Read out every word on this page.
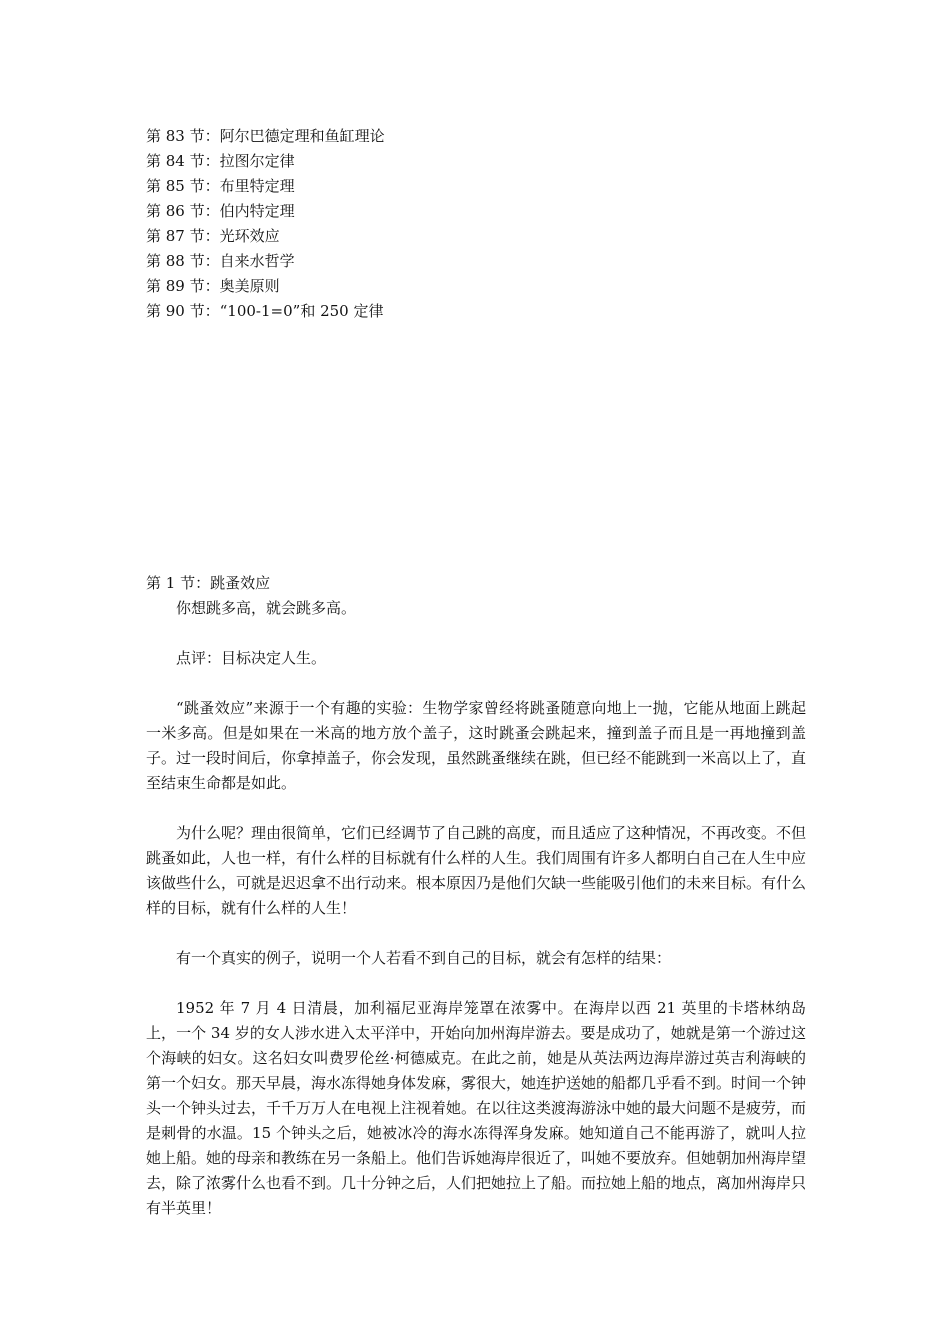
第 83 节：阿尔巴德定理和鱼缸理论
第 84 节：拉图尔定律
第 85 节：布里特定理
第 86 节：伯内特定理
第 87 节：光环效应
第 88 节：自来水哲学
第 89 节：奥美原则
第 90 节：“100-1=0”和 250 定律
第 1 节：跳蚤效应

你想跳多高，就会跳多高。

点评：目标决定人生。

“跳蚤效应”来源于一个有趣的实验：生物学家曾经将跳蚤随意向地上一抛，它能从地面上跳起一米多高。但是如果在一米高的地方放个盖子，这时跳蚤会跳起来，撞到盖子而且是一再地撞到盖子。过一段时间后，你拿掉盖子，你会发现，虽然跳蚤继续在跳，但已经不能跳到一米高以上了，直至结束生命都是如此。

为什么呢？理由很简单，它们已经调节了自己跳的高度，而且适应了这种情况，不再改变。不但跳蚤如此，人也一样，有什么样的目标就有什么样的人生。我们周围有许多人都明白自己在人生中应该做些什么，可就是迟迟拿不出行动来。根本原因乃是他们欠缺一些能吸引他们的未来目标。有什么样的目标，就有什么样的人生！

有一个真实的例子，说明一个人若看不到自己的目标，就会有怎样的结果：

1952 年 7 月 4 日清晨，加利福尼亚海岸笼罩在浓雾中。在海岸以西 21 英里的卡塔林纳岛上，一个 34 岁的女人涉水进入太平洋中，开始向加州海岸游去。要是成功了，她就是第一个游过这个海峡的妇女。这名妇女叫费罗伦丝·柯德威克。在此之前，她是从英法两边海岸游过英吉利海峡的第一个妇女。那天早晨，海水冻得她身体发麻，雾很大，她连护送她的船都几乎看不到。时间一个钟头一个钟头过去，千千万万人在电视上注视着她。在以往这类渡海游泳中她的最大问题不是疲劳，而是刺骨的水温。15 个钟头之后，她被冰冷的海水冻得浑身发麻。她知道自己不能再游了，就叫人拉她上船。她的母亲和教练在另一条船上。他们告诉她海岸很近了，叫她不要放弃。但她朝加州海岸望去，除了浓雾什么也看不到。几十分钟之后，人们把她拉上了船。而拉她上船的地点，离加州海岸只有半英里！
